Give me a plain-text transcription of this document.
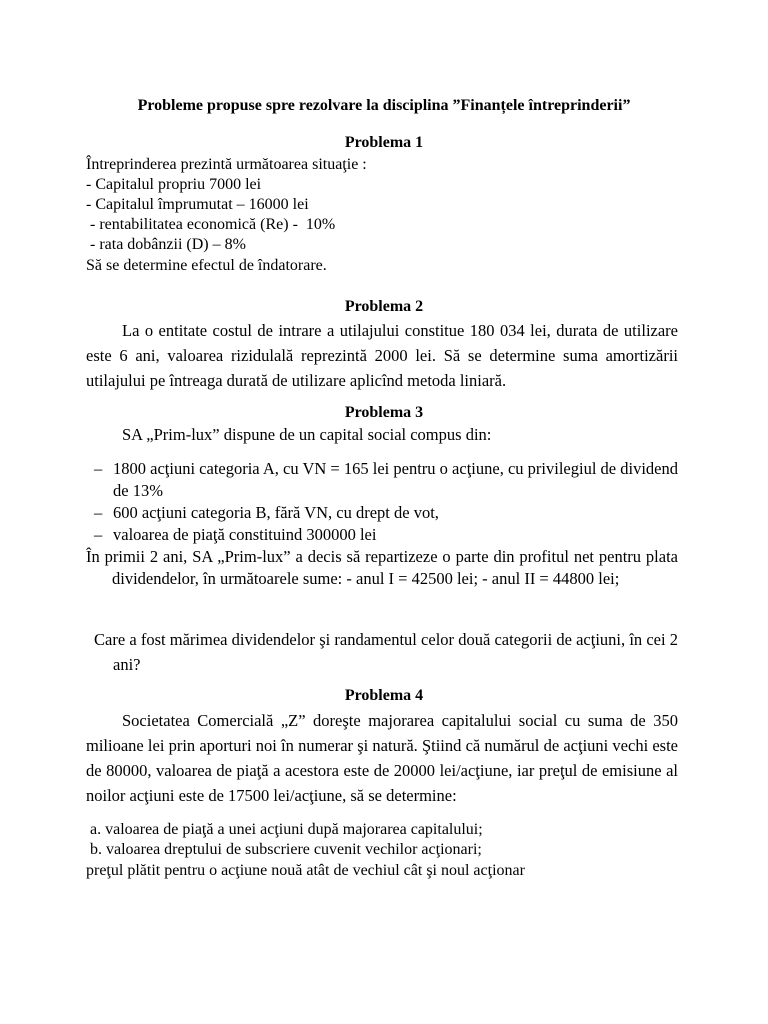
Probleme propuse spre rezolvare la disciplina ”Finanțele întreprinderii”
Problema 1
Întreprinderea prezintă următoarea situaţie :
- Capitalul propriu 7000 lei
- Capitalul împrumutat – 16000 lei
- rentabilitatea economică (Re) -  10%
- rata dobânzii (D) – 8%
Să se determine efectul de îndatorare.
Problema 2
La o entitate costul de intrare a utilajului constitue 180 034 lei, durata de utilizare este 6 ani, valoarea rizidulală reprezintă 2000 lei. Să se determine suma amortizării utilajului pe întreaga durată de utilizare aplicînd metoda liniară.
Problema 3
SA „Prim-lux” dispune de un capital social compus din:
– 1800 acţiuni categoria A, cu VN = 165 lei pentru o acţiune, cu privilegiul de dividend de 13%
– 600 acţiuni categoria B, fără VN, cu drept de vot,
– valoarea de piaţă constituind 300000 lei
În primii 2 ani, SA „Prim-lux” a decis să repartizeze o parte din profitul net pentru plata dividendelor, în următoarele sume: - anul I = 42500 lei; - anul II = 44800 lei;
Care a fost mărimea dividendelor şi randamentul celor două categorii de acţiuni, în cei 2 ani?
Problema 4
Societatea Comercială „Z” doreşte majorarea capitalului social cu suma de 350 milioane lei prin aporturi noi în numerar şi natură. Ştiind că numărul de acţiuni vechi este de 80000, valoarea de piaţă a acestora este de 20000 lei/acţiune, iar preţul de emisiune al noilor acţiuni este de 17500 lei/acţiune, să se determine:
a. valoarea de piaţă a unei acţiuni după majorarea capitalului;
b. valoarea dreptului de subscriere cuvenit vechilor acţionari;
preţul plătit pentru o acţiune nouă atât de vechiul cât şi noul acţionar
